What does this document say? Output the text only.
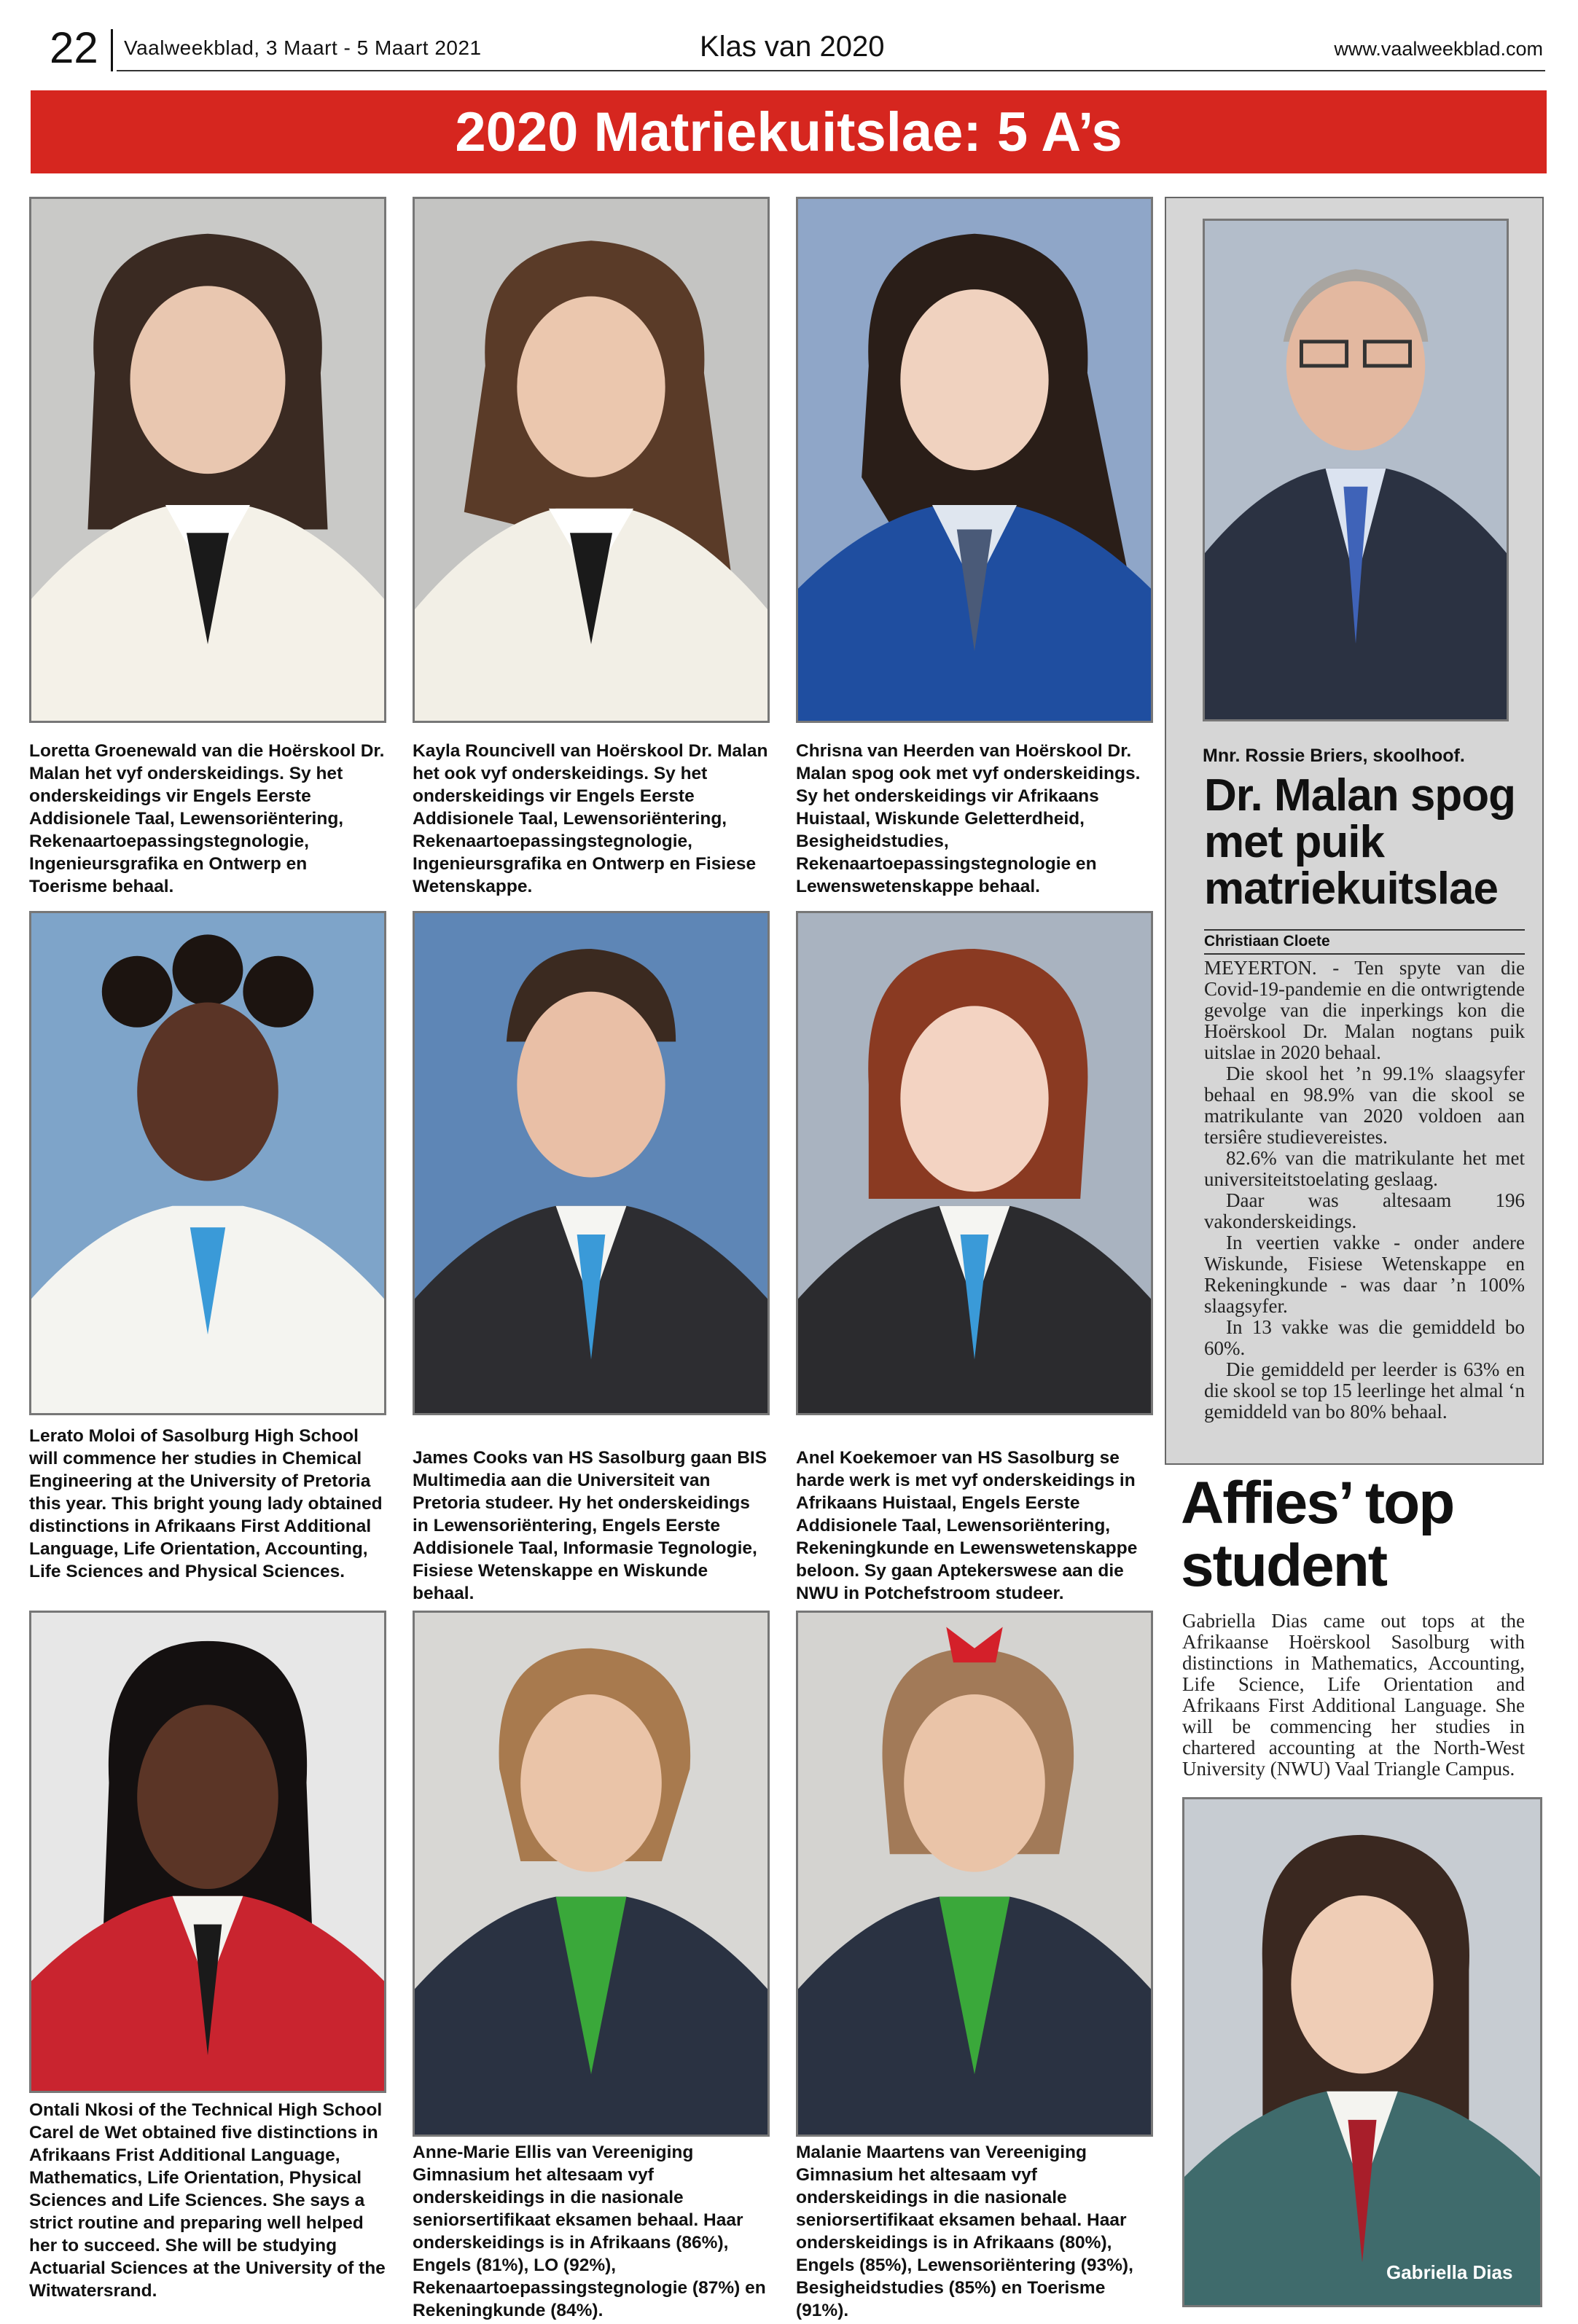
22 Vaalweekblad, 3 Maart - 5 Maart 2021	Klas van 2020	www.vaalweekblad.com
2020 Matriekuitslae: 5 A’s
Loretta Groenewald van die Hoërskool Dr. Malan het vyf onderskeidings. Sy het onderskeidings vir Engels Eerste Addisionele Taal, Lewensoriëntering, Rekenaartoepassingstegnologie, Ingenieursgrafika en Ontwerp en Toerisme behaal.
Kayla Rouncivell van Hoërskool Dr. Malan het ook vyf onderskeidings. Sy het onderskeidings vir Engels Eerste Addisionele Taal, Lewensoriëntering, Rekenaartoepassingstegnologie, Ingenieursgrafika en Ontwerp en Fisiese Wetenskappe.
Chrisna van Heerden van Hoërskool Dr. Malan spog ook met vyf onderskeidings. Sy het onderskeidings vir Afrikaans Huistaal, Wiskunde Geletterdheid, Besigheidstudies, Rekenaartoepassingstegnologie en Lewenswetenskappe behaal.
Lerato Moloi of Sasolburg High School will commence her studies in Chemical Engineering at the University of Pretoria this year. This bright young lady obtained distinctions in Afrikaans First Additional Language, Life Orientation, Accounting, Life Sciences and Physical Sciences.
James Cooks van HS Sasolburg gaan BIS Multimedia aan die Universiteit van Pretoria studeer. Hy het onderskeidings in Lewensoriëntering, Engels Eerste Addisionele Taal, Informasie Tegnologie, Fisiese Wetenskappe en Wiskunde behaal.
Anel Koekemoer van HS Sasolburg se harde werk is met vyf onderskeidings in Afrikaans Huistaal, Engels Eerste Addisionele Taal, Lewensoriëntering, Rekeningkunde en Lewenswetenskappe beloon. Sy gaan Aptekerswese aan die NWU in Potchefstroom studeer.
Gabriella Dias
Ontali Nkosi of the Technical High School Carel de Wet obtained five distinctions in Afrikaans Frist Additional Language, Mathematics, Life Orientation, Physical Sciences and Life Sciences. She says a strict routine and preparing well helped her to succeed. She will be studying Actuarial Sciences at the University of the Witwatersrand.
Anne-Marie Ellis van Vereeniging Gimnasium het altesaam vyf onderskeidings in die nasionale seniorsertifikaat eksamen behaal. Haar onderskeidings is in Afrikaans (86%), Engels (81%), LO (92%), Rekenaartoepassingstegnologie (87%) en Rekeningkunde (84%).
Malanie Maartens van Vereeniging Gimnasium het altesaam vyf onderskeidings in die nasionale seniorsertifikaat eksamen behaal. Haar onderskeidings is in Afrikaans (80%), Engels (85%), Lewensoriëntering (93%), Besigheidstudies (85%) en Toerisme (91%).
Mnr. Rossie Briers, skoolhoof.
Dr. Malan spog met puik matriekuitslae
Christiaan Cloete

MEYERTON. - Ten spyte van die Covid-19-pandemie en die ontwrigtende gevolge van die inperkings kon die Hoërskool Dr. Malan nogtans puik uitslae in 2020 behaal.

Die skool het ’n 99.1% slaagsyfer behaal en 98.9% van die skool se matrikulante van 2020 voldoen aan tersiêre studievereistes.

82.6% van die matrikulante het met universiteitstoelating geslaag.

Daar was altesaam 196 vakonderskeidings.

In veertien vakke - onder andere Wiskunde, Fisiese Wetenskappe en Rekeningkunde - was daar ’n 100% slaagsyfer.

In 13 vakke was die gemiddeld bo 60%.

Die gemiddeld per leerder is 63% en die skool se top 15 leerlinge het almal ‘n gemiddeld van bo 80% behaal.

Affies’ top student
Gabriella Dias came out tops at the Afrikaanse Hoërskool Sasolburg with distinctions in Mathematics, Accounting, Life Science, Life Orientation and Afrikaans First Additional Language. She will be commencing her studies in chartered accounting at the North-West University (NWU) Vaal Triangle Campus.
